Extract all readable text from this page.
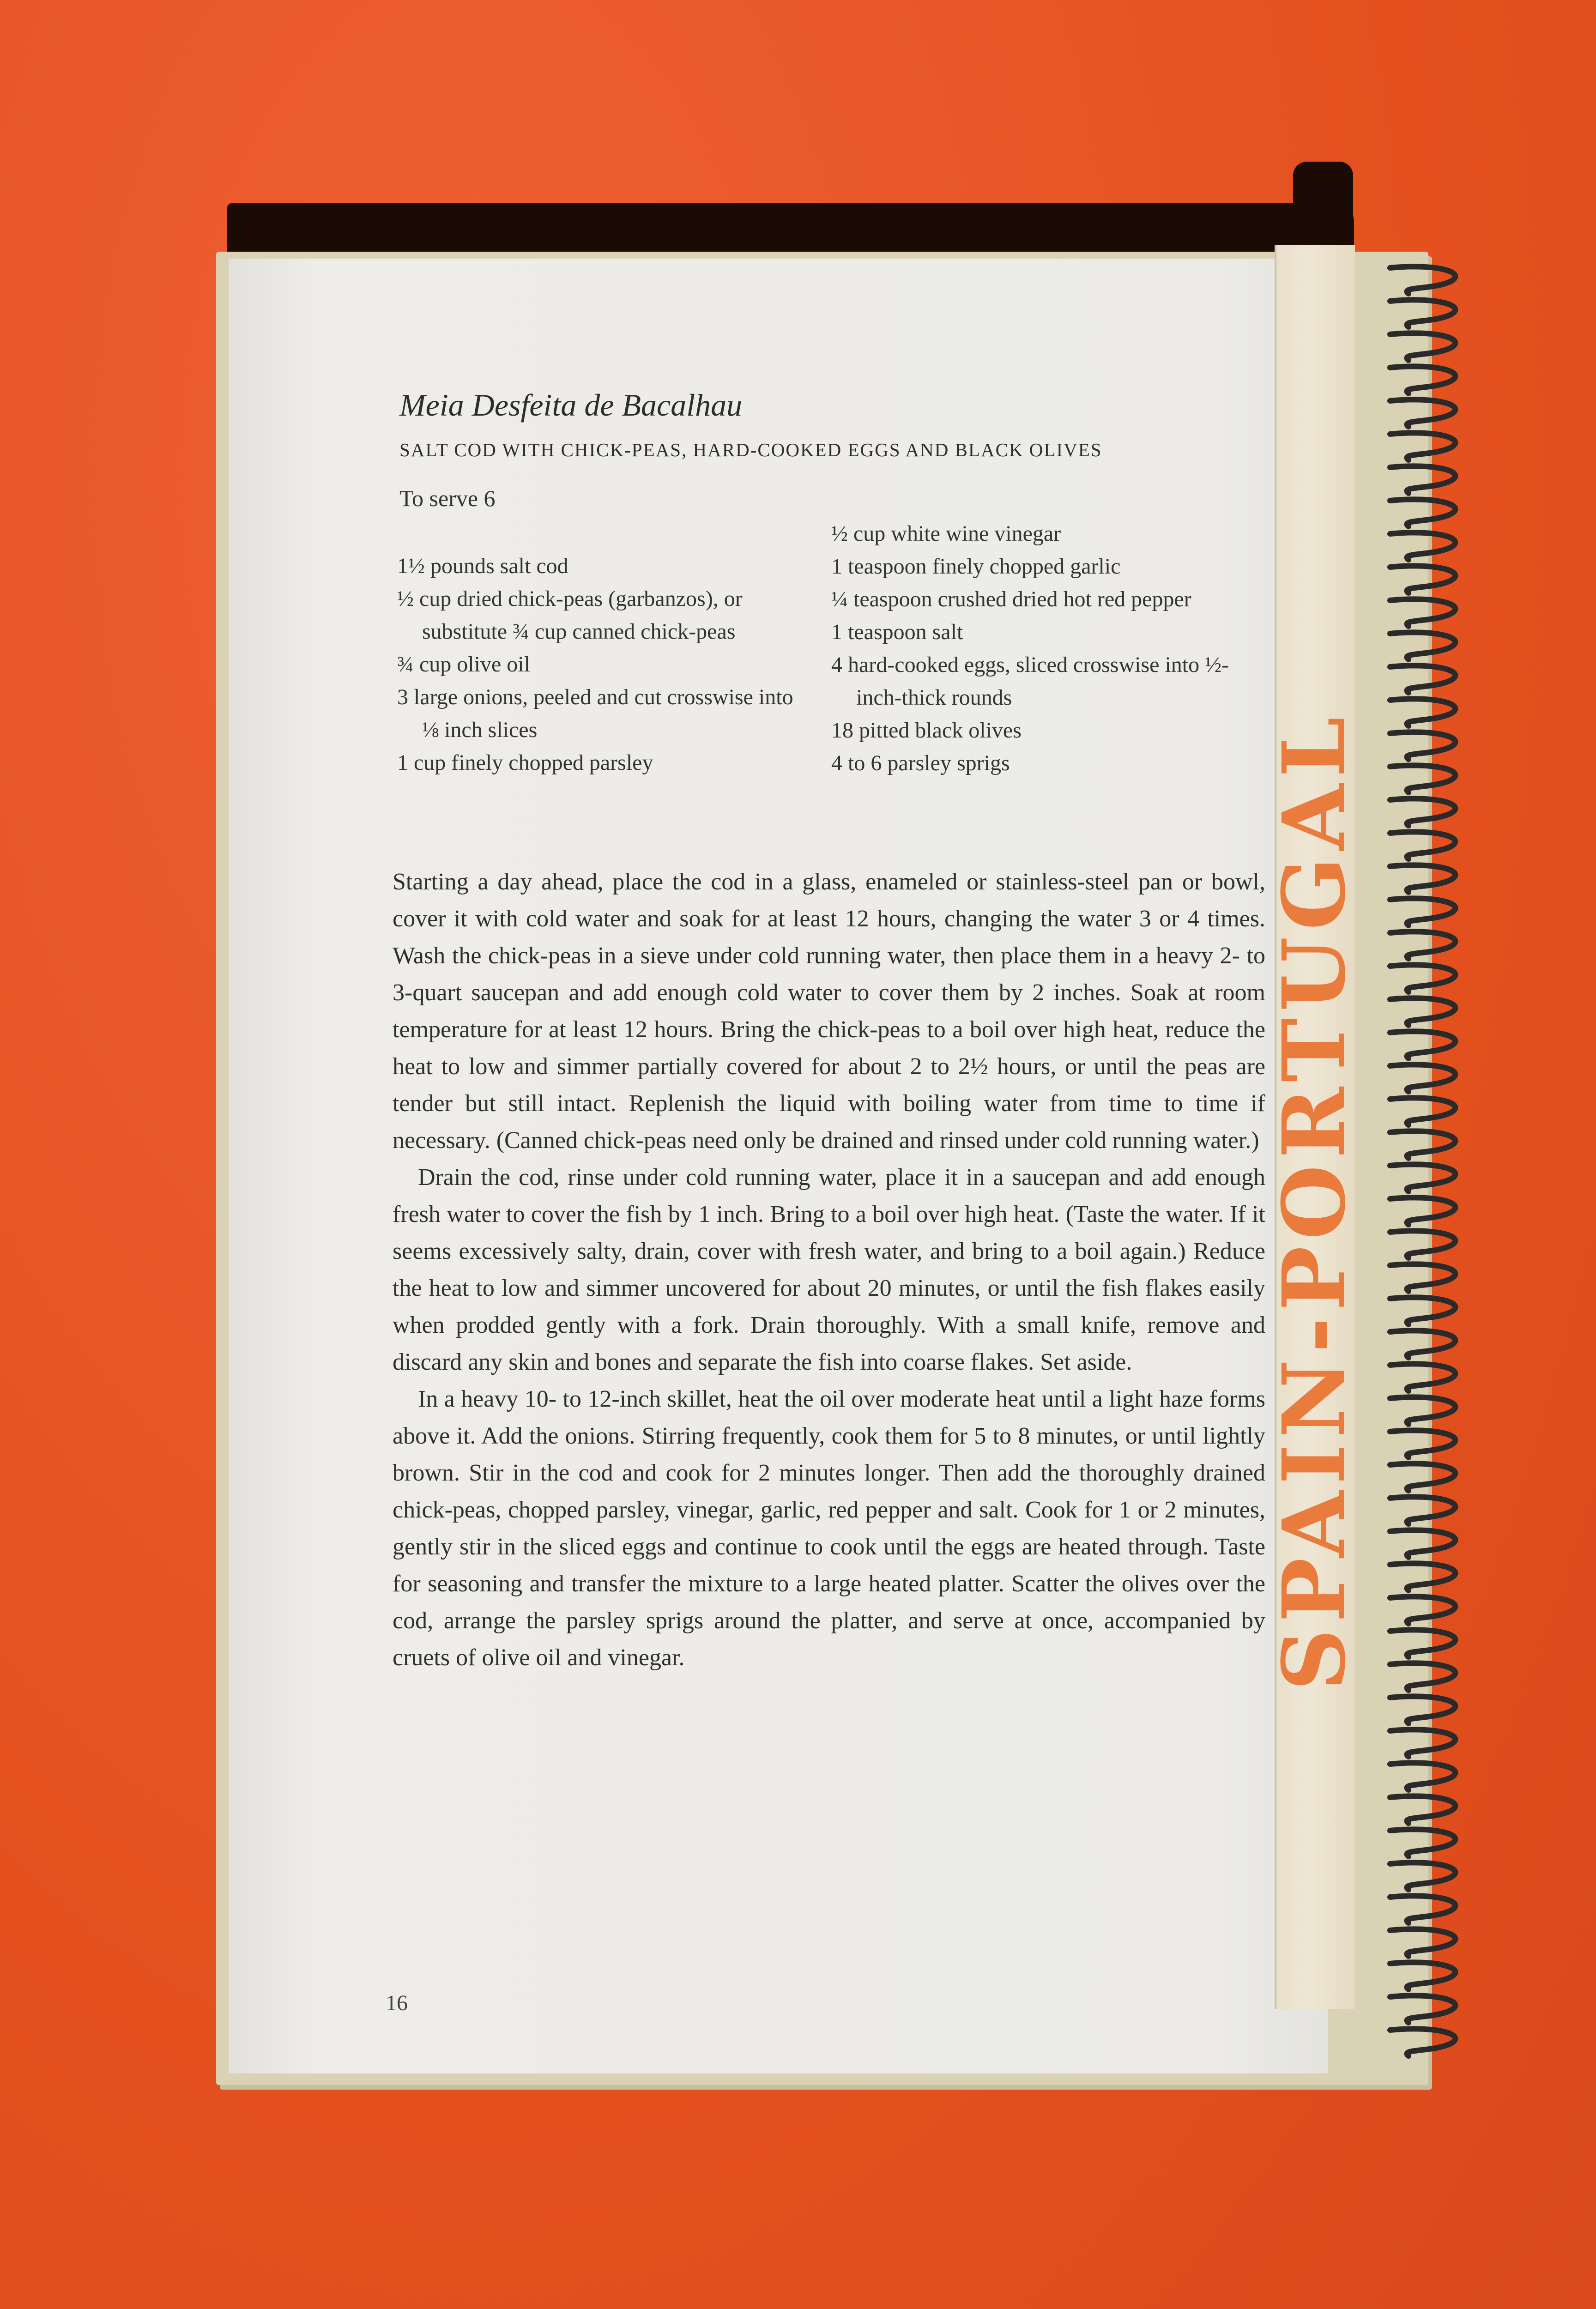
SPAIN-PORTUGAL
Meia Desfeita de Bacalhau
SALT COD WITH CHICK-PEAS, HARD-COOKED EGGS AND BLACK OLIVES
To serve 6
1½ pounds salt cod
½ cup dried chick-peas (garbanzos), or substitute ¾ cup canned chick-peas
¾ cup olive oil
3 large onions, peeled and cut crosswise into ⅛ inch slices
1 cup finely chopped parsley
½ cup white wine vinegar
1 teaspoon finely chopped garlic
¼ teaspoon crushed dried hot red pepper
1 teaspoon salt
4 hard-cooked eggs, sliced crosswise into ½-inch-thick rounds
18 pitted black olives
4 to 6 parsley sprigs

Starting a day ahead, place the cod in a glass, enameled or stainless-steel pan or bowl, cover it with cold water and soak for at least 12 hours, changing the water 3 or 4 times. Wash the chick-peas in a sieve under cold running water, then place them in a heavy 2- to 3-quart saucepan and add enough cold water to cover them by 2 inches. Soak at room temperature for at least 12 hours. Bring the chick-peas to a boil over high heat, reduce the heat to low and simmer partially covered for about 2 to 2½ hours, or until the peas are tender but still intact. Replenish the liquid with boiling water from time to time if necessary. (Canned chick-peas need only be drained and rinsed under cold running water.)

Drain the cod, rinse under cold running water, place it in a saucepan and add enough fresh water to cover the fish by 1 inch. Bring to a boil over high heat. (Taste the water. If it seems excessively salty, drain, cover with fresh water, and bring to a boil again.) Reduce the heat to low and simmer uncovered for about 20 minutes, or until the fish flakes easily when prodded gently with a fork. Drain thoroughly. With a small knife, remove and discard any skin and bones and separate the fish into coarse flakes. Set aside.

In a heavy 10- to 12-inch skillet, heat the oil over moderate heat until a light haze forms above it. Add the onions. Stirring frequently, cook them for 5 to 8 minutes, or until lightly brown. Stir in the cod and cook for 2 minutes longer. Then add the thoroughly drained chick-peas, chopped parsley, vinegar, garlic, red pepper and salt. Cook for 1 or 2 minutes, gently stir in the sliced eggs and continue to cook until the eggs are heated through. Taste for seasoning and transfer the mixture to a large heated platter. Scatter the olives over the cod, arrange the parsley sprigs around the platter, and serve at once, accompanied by cruets of olive oil and vinegar.

16
